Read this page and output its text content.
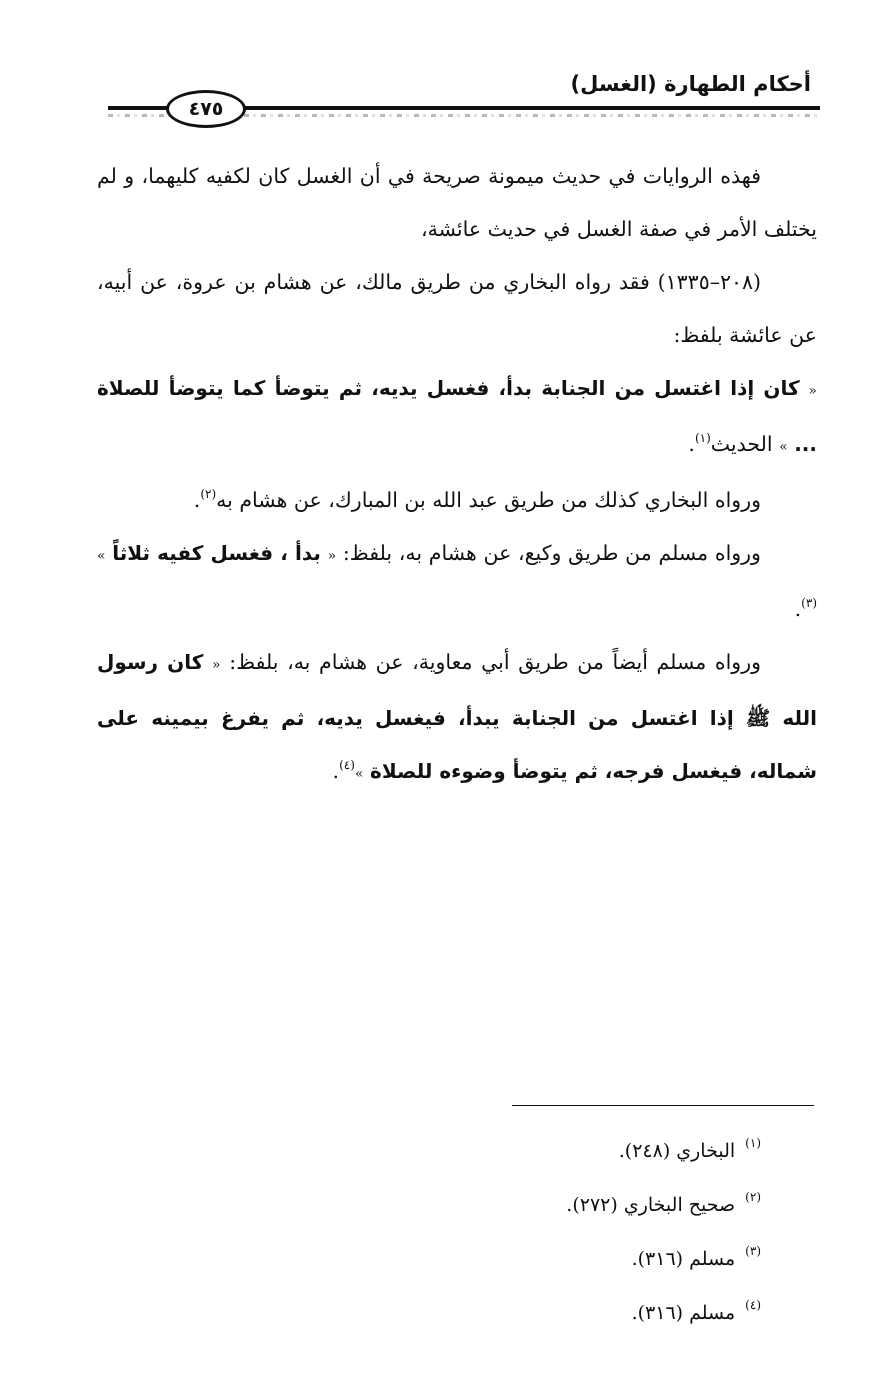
أحكام الطهارة (الغسل)
٤٧٥

فهذه الروايات في حديث ميمونة صريحة في أن الغسل كان لكفيه كليهما، و لم يختلف الأمر في صفة الغسل في حديث عائشة،

(٢٠٨–١٣٣٥) فقد رواه البخاري من طريق مالك، عن هشام بن عروة، عن أبيه، عن عائشة بلفظ:

« كان إذا اغتسل من الجنابة بدأ، فغسل يديه، ثم يتوضأ كما يتوضأ للصلاة ... » الحديث$^{(١)}$.

ورواه البخاري كذلك من طريق عبد الله بن المبارك، عن هشام به$^{(٢)}$.

ورواه مسلم من طريق وكيع، عن هشام به، بلفظ: « بدأ ، فغسل كفيه ثلاثاً » $^{(٣)}$.

ورواه مسلم أيضاً من طريق أبي معاوية، عن هشام به، بلفظ: « كان رسول الله ﷺ إذا اغتسل من الجنابة يبدأ، فيغسل يديه، ثم يفرغ بيمينه على شماله، فيغسل فرجه، ثم يتوضأ وضوءه للصلاة »$^{(٤)}$.

$^{(١)}$البخاري (٢٤٨).
$^{(٢)}$صحيح البخاري (٢٧٢).
$^{(٣)}$مسلم (٣١٦).
$^{(٤)}$مسلم (٣١٦).
